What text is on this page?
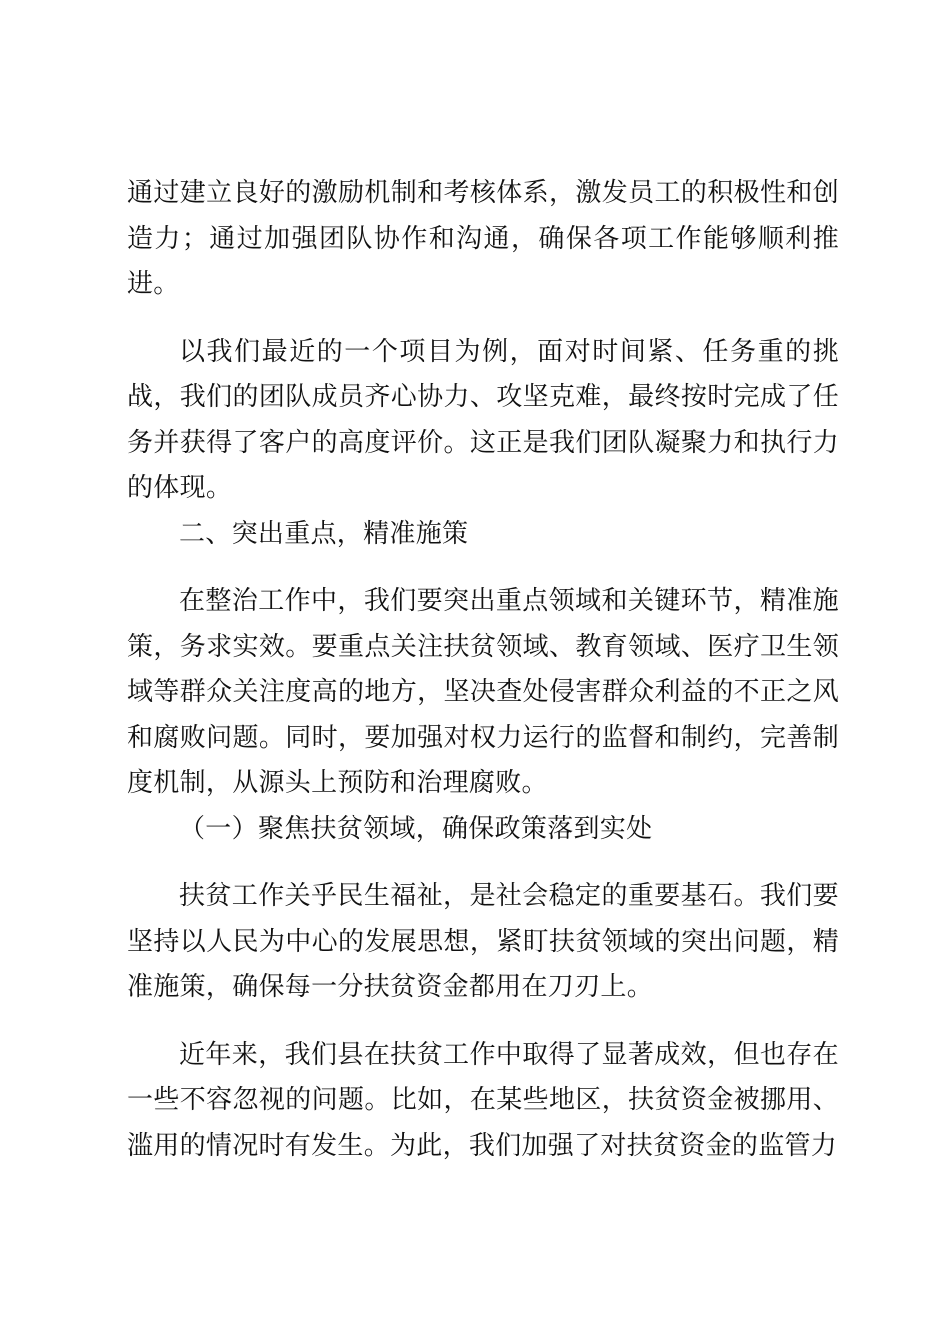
通过建立良好的激励机制和考核体系，激发员工的积极性和创造力；通过加强团队协作和沟通，确保各项工作能够顺利推进。

以我们最近的一个项目为例，面对时间紧、任务重的挑战，我们的团队成员齐心协力、攻坚克难，最终按时完成了任务并获得了客户的高度评价。这正是我们团队凝聚力和执行力的体现。

二、突出重点，精准施策

在整治工作中，我们要突出重点领域和关键环节，精准施策，务求实效。要重点关注扶贫领域、教育领域、医疗卫生领域等群众关注度高的地方，坚决查处侵害群众利益的不正之风和腐败问题。同时，要加强对权力运行的监督和制约，完善制度机制，从源头上预防和治理腐败。

（一）聚焦扶贫领域，确保政策落到实处

扶贫工作关乎民生福祉，是社会稳定的重要基石。我们要坚持以人民为中心的发展思想，紧盯扶贫领域的突出问题，精准施策，确保每一分扶贫资金都用在刀刃上。

近年来，我们县在扶贫工作中取得了显著成效，但也存在一些不容忽视的问题。比如，在某些地区，扶贫资金被挪用、滥用的情况时有发生。为此，我们加强了对扶贫资金的监管力
